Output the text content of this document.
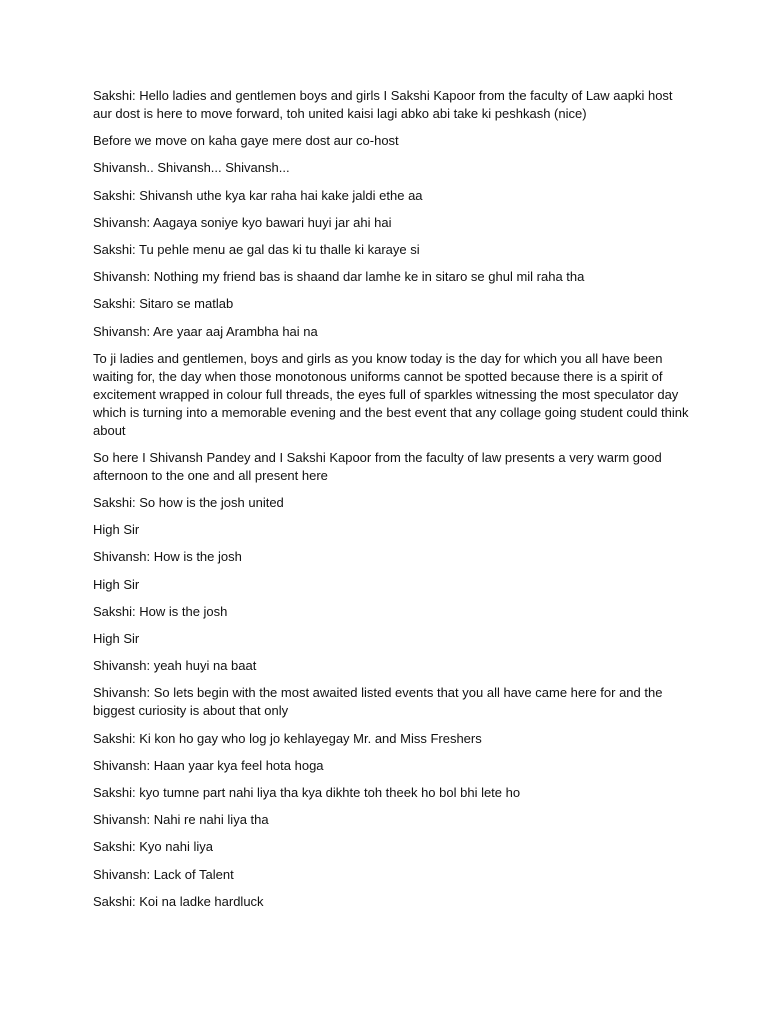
Sakshi: Hello ladies and gentlemen boys and girls I Sakshi Kapoor from the faculty of Law aapki host aur dost is here to move forward, toh united kaisi lagi abko abi take ki peshkash (nice)

Before we move on kaha gaye mere dost aur co-host

Shivansh.. Shivansh... Shivansh...

Sakshi: Shivansh uthe kya kar raha hai kake jaldi ethe aa

Shivansh: Aagaya soniye kyo bawari huyi jar ahi hai

Sakshi: Tu pehle menu ae gal das ki tu thalle ki karaye si

Shivansh: Nothing my friend bas is shaand dar lamhe ke in sitaro se ghul mil raha tha

Sakshi: Sitaro se matlab

Shivansh: Are yaar aaj Arambha hai na

To ji ladies and gentlemen, boys and girls as you know today is the day for which you all have been waiting for, the day when those monotonous uniforms cannot be spotted because there is a spirit of excitement wrapped in colour full threads, the eyes full of sparkles witnessing the most speculator day which is turning into a memorable evening and the best event that any collage going student could think about

So here I Shivansh Pandey and I Sakshi Kapoor from the faculty of law presents a very warm good afternoon to the one and all present here

Sakshi: So how is the josh united

High Sir

Shivansh: How is the josh

High Sir

Sakshi: How is the josh

High Sir

Shivansh: yeah huyi na baat

Shivansh: So lets begin with the most awaited listed events that you all have came here for and the biggest curiosity is about that only

Sakshi: Ki kon ho gay who log jo kehlayegay Mr. and Miss Freshers

Shivansh: Haan yaar kya feel hota hoga

Sakshi: kyo tumne part nahi liya tha kya dikhte toh theek ho bol bhi lete ho

Shivansh: Nahi re nahi liya tha

Sakshi: Kyo nahi liya

Shivansh: Lack of Talent

Sakshi: Koi na ladke hardluck
